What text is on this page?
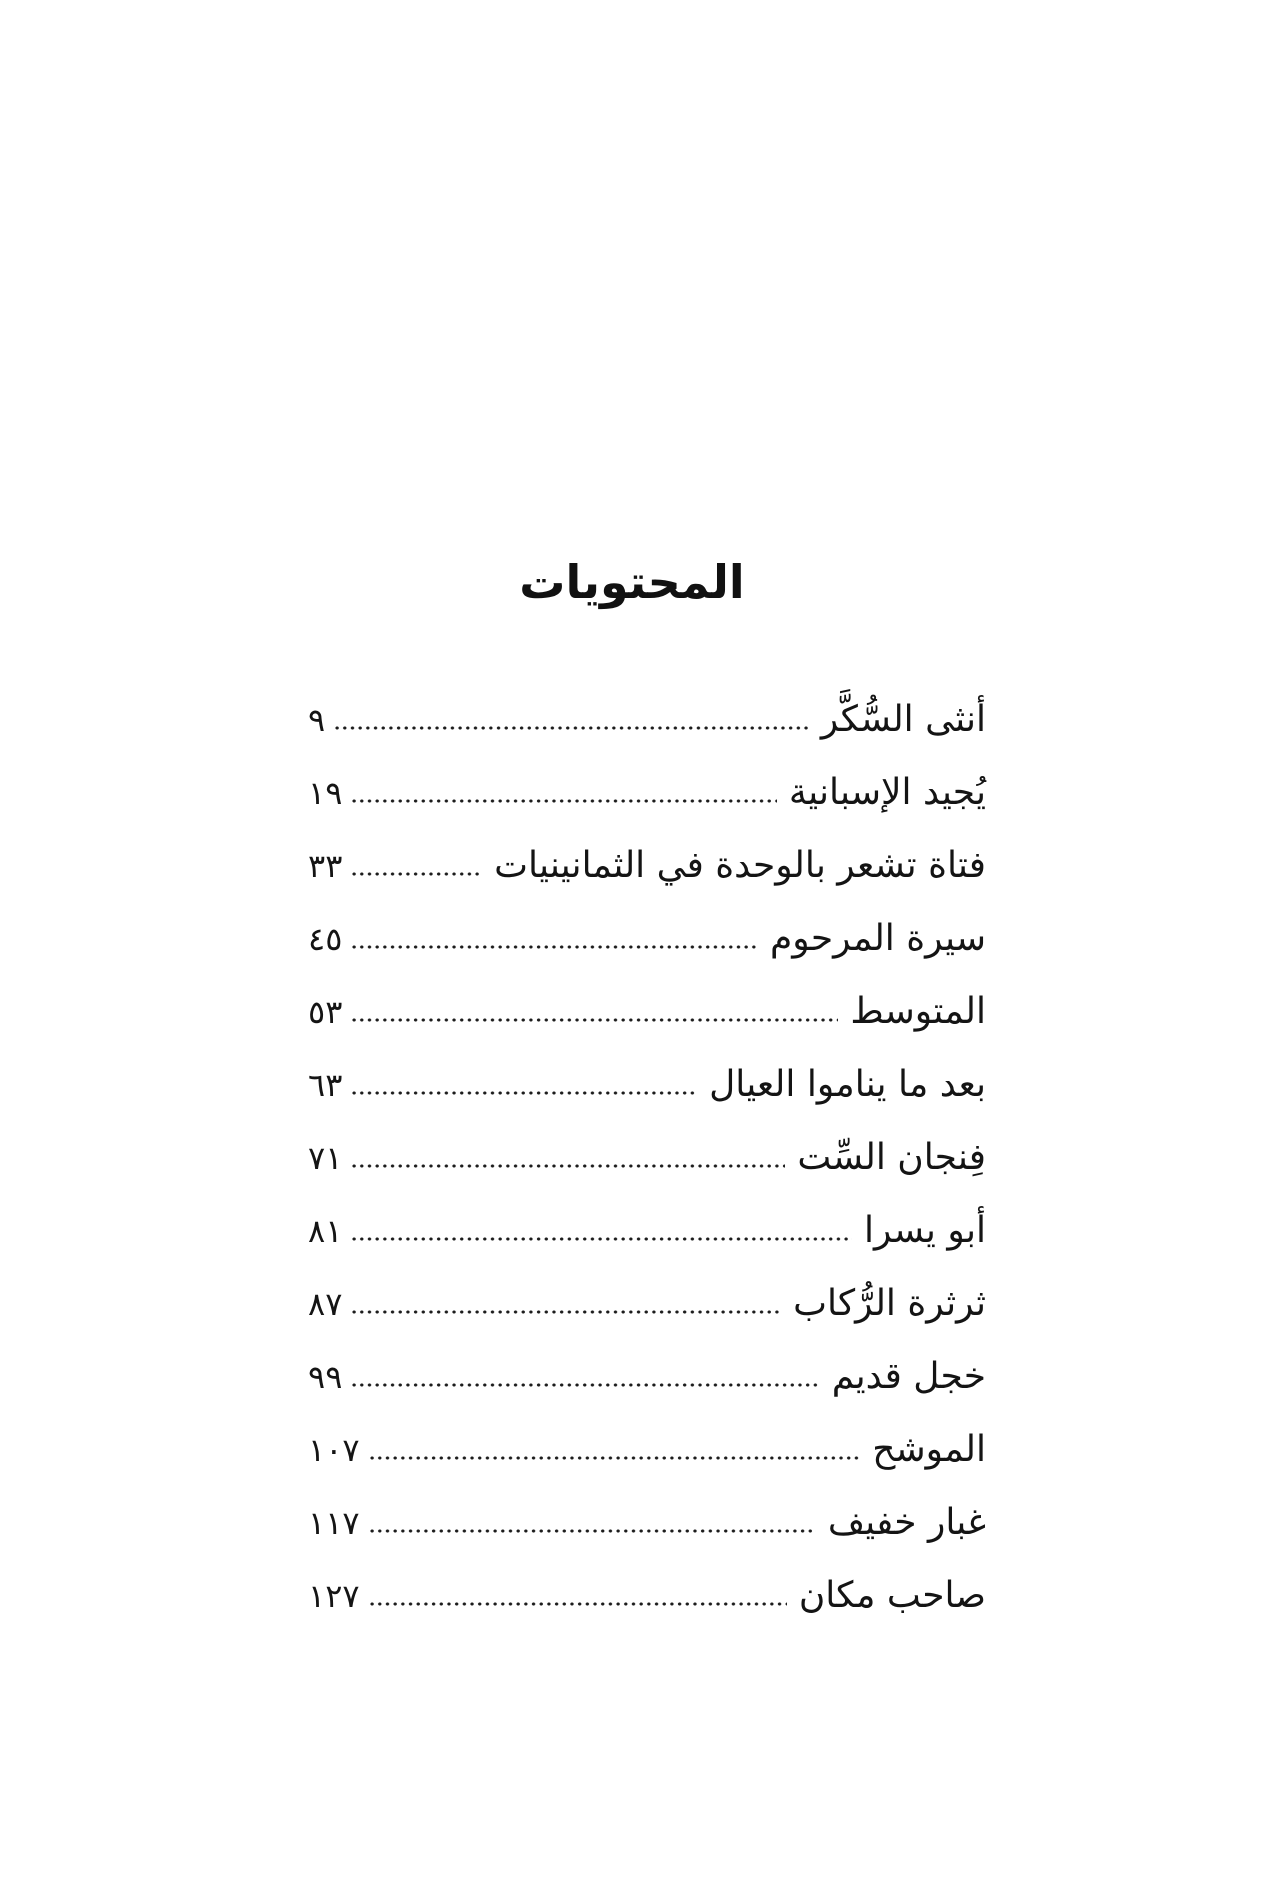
المحتويات
أنثى السُّكَّر
٩
يُجيد الإسبانية
١٩
فتاة تشعر بالوحدة في الثمانينيات
٣٣
سيرة المرحوم
٤٥
المتوسط
٥٣
بعد ما يناموا العيال
٦٣
فِنجان السِّت
٧١
أبو يسرا
٨١
ثرثرة الرُّكاب
٨٧
خجل قديم
٩٩
الموشح
١٠٧
غبار خفيف
١١٧
صاحب مكان
١٢٧
